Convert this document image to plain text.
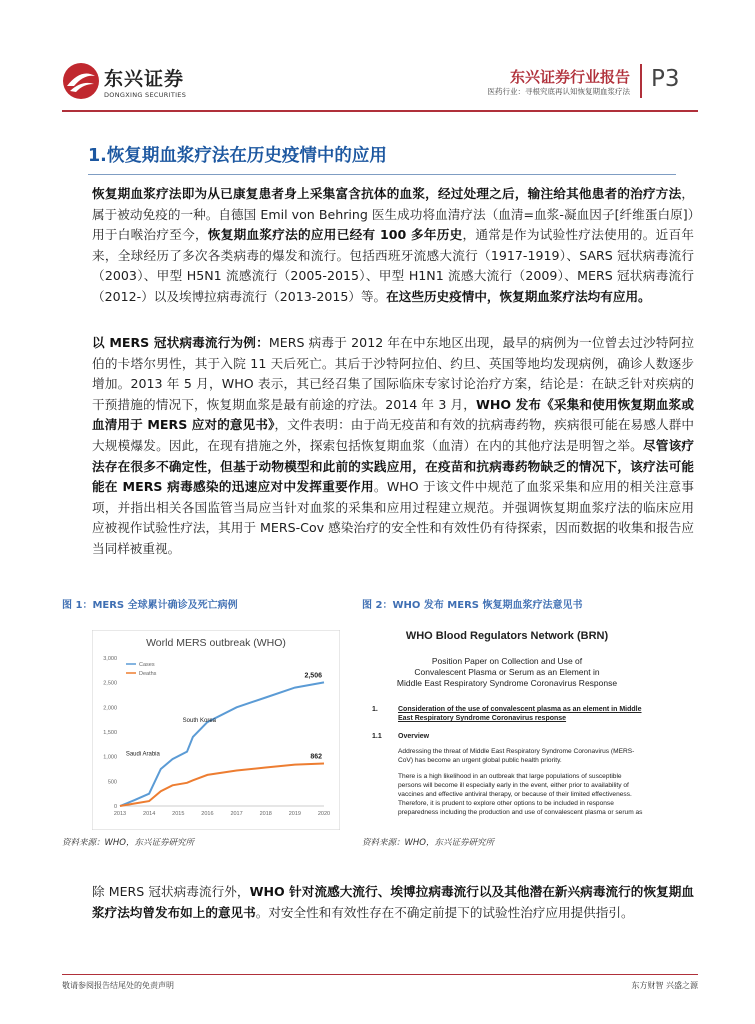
东兴证券
DONGXING SECURITIES
东兴证券行业报告
医药行业：寻根究底再认知恢复期血浆疗法 P3
1.恢复期血浆疗法在历史疫情中的应用

恢复期血浆疗法即为从已康复患者身上采集富含抗体的血浆，经过处理之后，输注给其他患者的治疗方法，属于被动免疫的一种。自德国 Emil von Behring 医生成功将血清疗法（血清=血浆-凝血因子[纤维蛋白原]）用于白喉治疗至今，恢复期血浆疗法的应用已经有 100 多年历史，通常是作为试验性疗法使用的。近百年来，全球经历了多次各类病毒的爆发和流行。包括西班牙流感大流行（1917-1919）、SARS 冠状病毒流行（2003）、甲型 H5N1 流感流行（2005-2015）、甲型 H1N1 流感大流行（2009）、MERS 冠状病毒流行（2012-）以及埃博拉病毒流行（2013-2015）等。在这些历史疫情中，恢复期血浆疗法均有应用。

以 MERS 冠状病毒流行为例：MERS 病毒于 2012 年在中东地区出现，最早的病例为一位曾去过沙特阿拉伯的卡塔尔男性，其于入院 11 天后死亡。其后于沙特阿拉伯、约旦、英国等地均发现病例，确诊人数逐步增加。2013 年 5 月，WHO 表示，其已经召集了国际临床专家讨论治疗方案，结论是：在缺乏针对疾病的干预措施的情况下，恢复期血浆是最有前途的疗法。2014 年 3 月，WHO 发布《采集和使用恢复期血浆或血清用于 MERS 应对的意见书》，文件表明：由于尚无疫苗和有效的抗病毒药物，疾病很可能在易感人群中大规模爆发。因此，在现有措施之外，探索包括恢复期血浆（血清）在内的其他疗法是明智之举。尽管该疗法存在很多不确定性，但基于动物模型和此前的实践应用，在疫苗和抗病毒药物缺乏的情况下，该疗法可能能在 MERS 病毒感染的迅速应对中发挥重要作用。WHO 于该文件中规范了血浆采集和应用的相关注意事项，并指出相关各国监管当局应当针对血浆的采集和应用过程建立规范。并强调恢复期血浆疗法的临床应用应被视作试验性疗法，其用于 MERS-Cov 感染治疗的安全性和有效性仍有待探索，因而数据的收集和报告应当同样被重视。

图 1：MERS 全球累计确诊及死亡病例
World MERS outbreak (WHO)
0
500
1,000
1,500
2,000
2,500
3,000
2013	2014	2015	2016	2017	2018	2019	2020
Cases
2,506
Deaths
862
Saudi Arabia
South Korea
资料来源：WHO，东兴证券研究所
图 2：WHO 发布 MERS 恢复期血浆疗法意见书
WHO Blood Regulators Network (BRN)
Position Paper on Collection and Use of
Convalescent Plasma or Serum as an Element in
Middle East Respiratory Syndrome Coronavirus Response
1.	Consideration of the use of convalescent plasma as an element in Middle
East Respiratory Syndrome Coronavirus response
1.1	Overview
Addressing the threat of Middle East Respiratory Syndrome Coronavirus (MERS-
CoV) has become an urgent global public health priority.
There is a high likelihood in an outbreak that large populations of susceptible
persons will become ill especially early in the event, either prior to availability of
vaccines and effective antiviral therapy, or because of their limited effectiveness.
Therefore, it is prudent to explore other options to be included in response
preparedness including the production and use of convalescent plasma or serum as
资料来源：WHO，东兴证券研究所

除 MERS 冠状病毒流行外，WHO 针对流感大流行、埃博拉病毒流行以及其他潜在新兴病毒流行的恢复期血浆疗法均曾发布如上的意见书。对安全性和有效性存在不确定前提下的试验性治疗应用提供指引。

敬请参阅报告结尾处的免责声明	东方财智 兴盛之源
